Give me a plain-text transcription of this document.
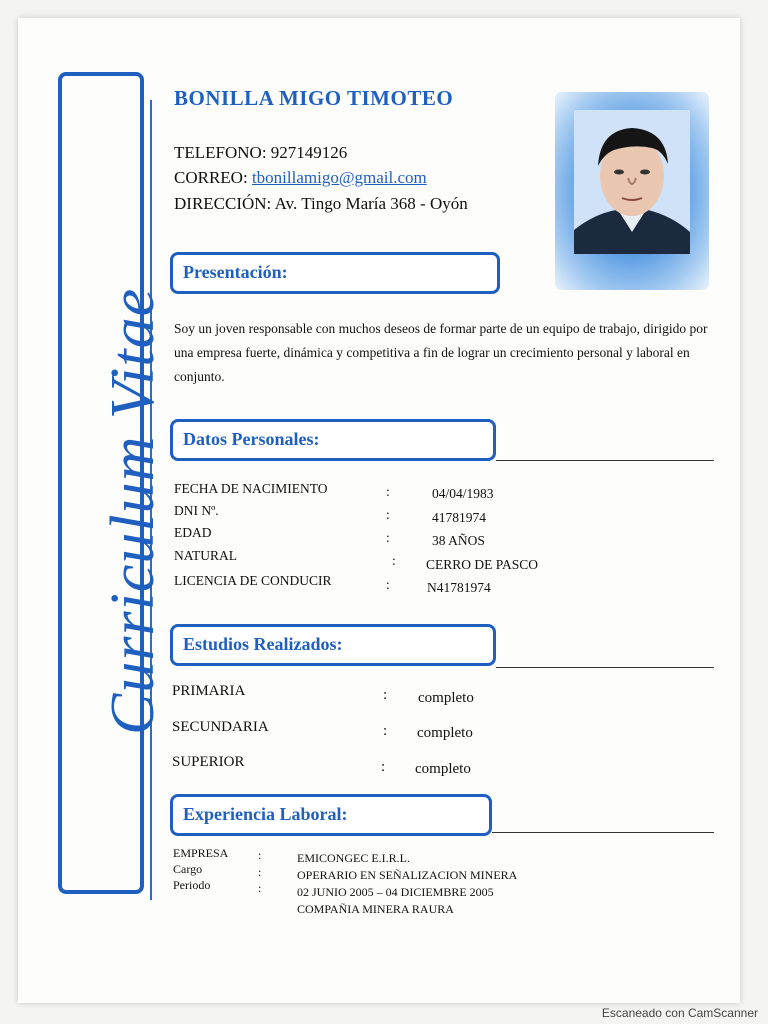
Curriculum Vitae
BONILLA MIGO TIMOTEO
TELEFONO: 927149126
CORREO: tbonillamigo@gmail.com
DIRECCIÓN: Av. Tingo María 368 - Oyón
Presentación:
Soy un joven responsable con muchos deseos de formar parte de un equipo de trabajo, dirigido por una empresa fuerte, dinámica y competitiva a fin de lograr un crecimiento personal y laboral en conjunto.
Datos Personales:
FECHA DE NACIMIENTO	:	04/04/1983
DNI Nº.	:	41781974
EDAD	:	38 AÑOS
NATURAL	: CERRO DE PASCO
LICENCIA DE CONDUCIR	:	N41781974
Estudios Realizados:
PRIMARIA	: completo
SECUNDARIA	: completo
SUPERIOR	: completo
Experiencia Laboral:
EMPRESA :	EMICONGEC E.I.R.L.
Cargo	:	OPERARIO EN SEÑALIZACION MINERA
Periodo	:	02 JUNIO 2005 – 04 DICIEMBRE 2005
COMPAÑIA MINERA RAURA
Escaneado con CamScanner
